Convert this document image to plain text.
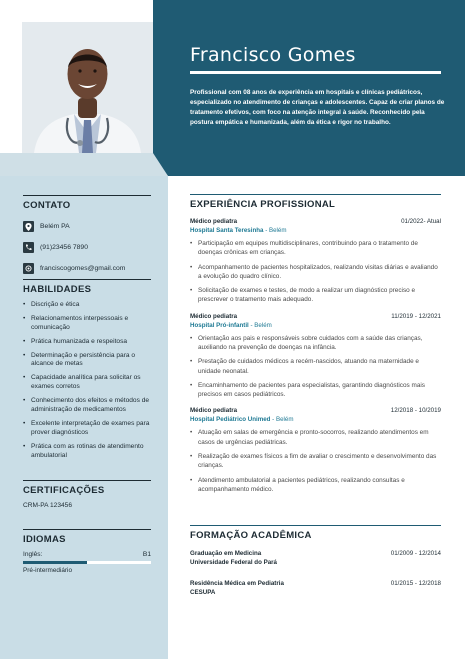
Francisco Gomes
Profissional com 08 anos de experiência em hospitais e clínicas pediátricos, especializado no atendimento de crianças e adolescentes. Capaz de criar planos de tratamento efetivos, com foco na atenção integral à saúde. Reconhecido pela postura empática e humanizada, além da ética e rigor no trabalho.
CONTATO
Belém PA
(91)23456 7890
franciscogomes@gmail.com
HABILIDADES
• Discrição e ética
• Relacionamentos interpessoais e comunicação
• Prática humanizada e respeitosa
• Determinação e persistência para o alcance de metas
• Capacidade analítica para solicitar os exames corretos
• Conhecimento dos efeitos e métodos de administração de medicamentos
• Excelente interpretação de exames para prover diagnósticos
• Prática com as rotinas de atendimento ambulatorial
CERTIFICAÇÕES
CRM-PA 123456
IDIOMAS
Inglês:	B1
Pré-intermediário
EXPERIÊNCIA PROFISSIONAL
Médico pediatra	01/2022- Atual
Hospital Santa Teresinha - Belém
• Participação em equipes multidisciplinares, contribuindo para o tratamento de doenças crônicas em crianças.
• Acompanhamento de pacientes hospitalizados, realizando visitas diárias e avaliando a evolução do quadro clínico.
• Solicitação de exames e testes, de modo a realizar um diagnóstico preciso e prescrever o tratamento mais adequado.
Médico pediatra	11/2019 - 12/2021
Hospital Pró-infantil - Belém
• Orientação aos pais e responsáveis sobre cuidados com a saúde das crianças, auxiliando na prevenção de doenças na infância.
• Prestação de cuidados médicos a recém-nascidos, atuando na maternidade e unidade neonatal.
• Encaminhamento de pacientes para especialistas, garantindo diagnósticos mais precisos em casos pediátricos.
Médico pediatra	12/2018 - 10/2019
Hospital Pediátrico Unimed - Belém
• Atuação em salas de emergência e pronto-socorros, realizando atendimentos em casos de urgências pediátricas.
• Realização de exames físicos a fim de avaliar o crescimento e desenvolvimento das crianças.
• Atendimento ambulatorial a pacientes pediátricos, realizando consultas e acompanhamento médico.
FORMAÇÃO ACADÊMICA
Graduação em Medicina	01/2009 - 12/2014
Universidade Federal do Pará
Residência Médica em Pediatria	01/2015 - 12/2018
CESUPA
